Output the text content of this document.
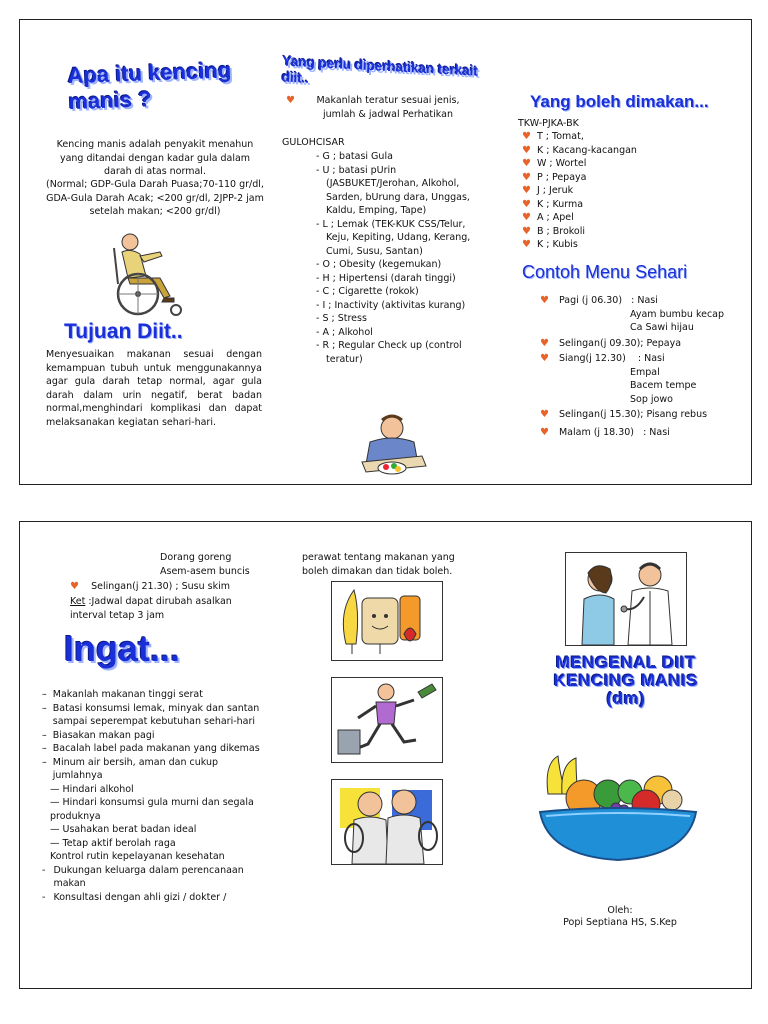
Apa itu kencing manis ?
Kencing manis adalah penyakit menahun yang ditandai dengan kadar gula dalam darah di atas normal.
(Normal; GDP-Gula Darah Puasa;70-110 gr/dl, GDA-Gula Darah Acak; <200 gr/dl, 2JPP-2 jam setelah makan; <200 gr/dl)
Tujuan Diit..
Menyesuaikan makanan sesuai dengan kemampuan tubuh untuk menggunakannya agar gula darah tetap normal, agar gula darah dalam urin negatif, berat badan normal,menghindari komplikasi dan dapat melaksanakan kegiatan sehari-hari.
Yang perlu diperhatikan terkait diit..
♥	Makanlah teratur sesuai jenis, jumlah & jadwal Perhatikan
GULOHCISAR
- G ; batasi Gula
- U ; batasi pUrin (JASBUKET/Jerohan, Alkohol, Sarden, bUrung dara, Unggas, Kaldu, Emping, Tape)
- L ; Lemak (TEK-KUK CSS/Telur, Keju, Kepiting, Udang, Kerang, Cumi, Susu, Santan)
- O ; Obesity (kegemukan)
- H ; Hipertensi (darah tinggi)
- C ; Cigarette (rokok)
- I ; Inactivity (aktivitas kurang)
- S ; Stress
- A ; Alkohol
- R ; Regular Check up (control teratur)
Yang boleh dimakan...
TKW-PJKA-BK
♥ T ; Tomat,
♥ K ; Kacang-kacangan
♥ W ; Wortel
♥ P ; Pepaya
♥ J ; Jeruk
♥ K ; Kurma
♥ A ; Apel
♥ B ; Brokoli
♥ K ; Kubis
Contoh Menu Sehari
♥ Pagi (j 06.30) : Nasi
Ayam bumbu kecap
Ca Sawi hijau
♥ Selingan(j 09.30); Pepaya
♥ Siang(j 12.30) : Nasi
Empal
Bacem tempe
Sop jowo
♥ Selingan(j 15.30); Pisang rebus
♥ Malam (j 18.30) : Nasi
Dorang goreng
Asem-asem buncis
♥ Selingan(j 21.30) ; Susu skim
Ket :Jadwal dapat dirubah asalkan interval tetap 3 jam
Ingat...
– Makanlah makanan tinggi serat
– Batasi konsumsi lemak, minyak dan santan sampai seperempat kebutuhan sehari-hari
– Biasakan makan pagi
– Bacalah label pada makanan yang dikemas
– Minum air bersih, aman dan cukup jumlahnya
— Hindari alkohol
— Hindari konsumsi gula murni dan segala produknya
— Usahakan berat badan ideal
— Tetap aktif berolah raga
Kontrol rutin kepelayanan kesehatan
- Dukungan keluarga dalam perencanaan makan
- Konsultasi dengan ahli gizi / dokter /
perawat tentang makanan yang boleh dimakan dan tidak boleh.
MENGENAL DIIT
KENCING MANIS
(dm)
Oleh:
Popi Septiana HS, S.Kep
